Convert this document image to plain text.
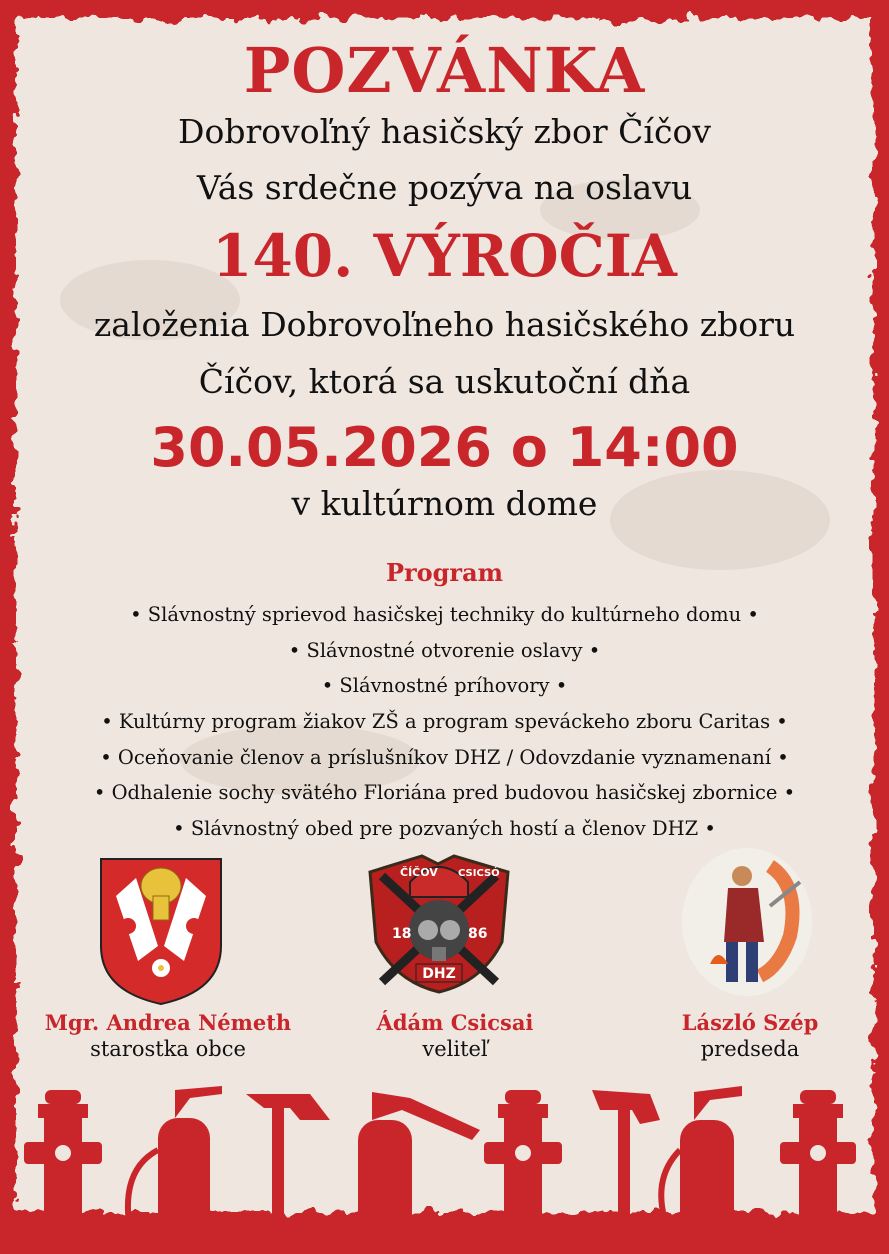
POZVÁNKA
Dobrovoľný hasičský zbor Číčov
Vás srdečne pozýva na oslavu
140. VÝROČIA
založenia Dobrovoľneho hasičského zboru
Číčov, ktorá sa uskutoční dňa
30.05.2026 o 14:00
v kultúrnom dome
Program
• Slávnostný sprievod hasičskej techniky do kultúrneho domu •
• Slávnostné otvorenie oslavy •
• Slávnostné príhovory •
• Kultúrny program žiakov ZŠ a program speváckeho zboru Caritas •
• Oceňovanie členov a príslušníkov DHZ / Odovzdanie vyznamenaní •
• Odhalenie sochy svätého Floriána pred budovou hasičskej zbornice •
• Slávnostný obed pre pozvaných hostí a členov DHZ •
ČÍČOV CSICSÓ
18	86
DHZ
Mgr. Andrea Németh
starostka obce
Ádám Csicsai
veliteľ
László Szép
predseda
